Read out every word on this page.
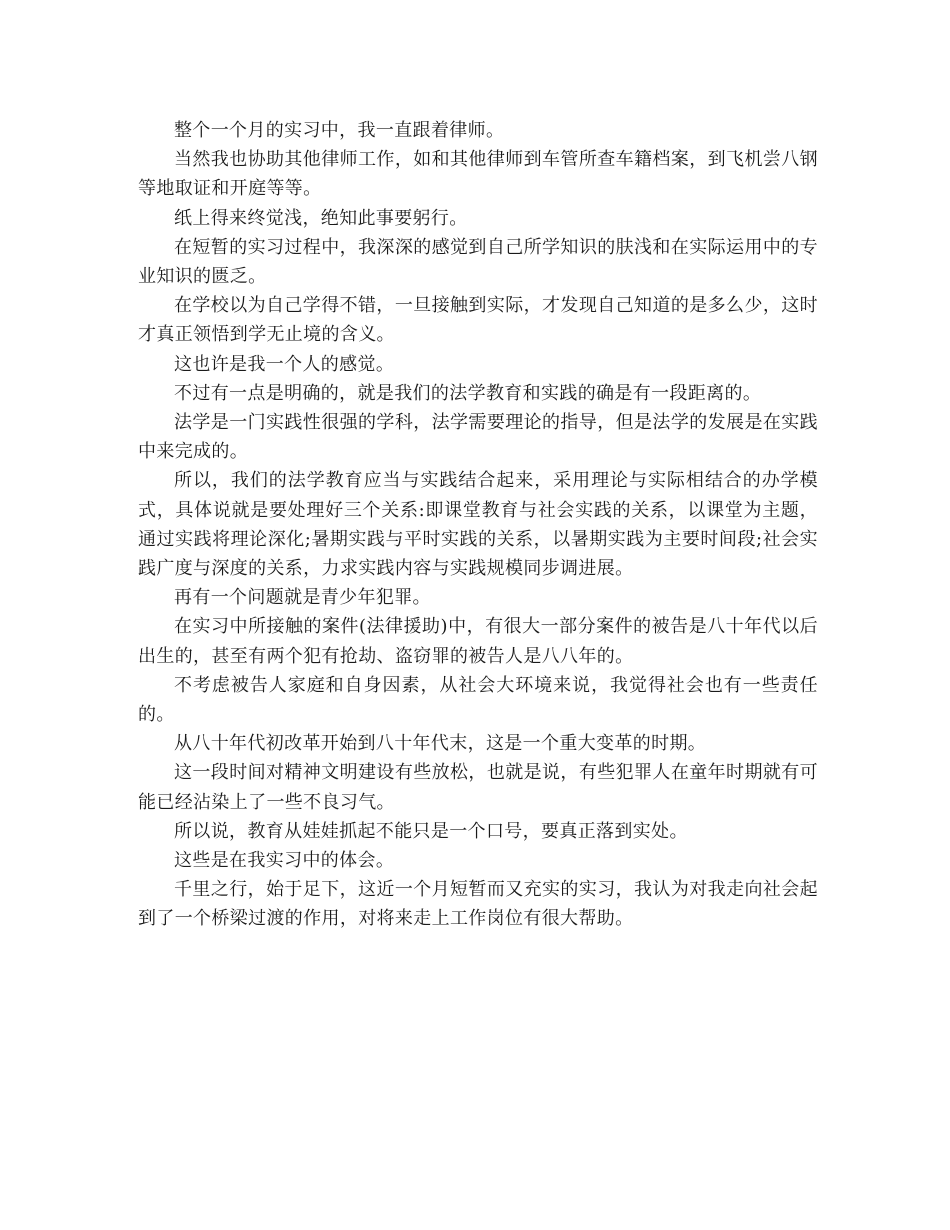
整个一个月的实习中，我一直跟着律师。

当然我也协助其他律师工作，如和其他律师到车管所查车籍档案，到飞机尝八钢等地取证和开庭等等。

纸上得来终觉浅，绝知此事要躬行。

在短暂的实习过程中，我深深的感觉到自己所学知识的肤浅和在实际运用中的专业知识的匮乏。

在学校以为自己学得不错，一旦接触到实际，才发现自己知道的是多么少，这时才真正领悟到学无止境的含义。

这也许是我一个人的感觉。

不过有一点是明确的，就是我们的法学教育和实践的确是有一段距离的。

法学是一门实践性很强的学科，法学需要理论的指导，但是法学的发展是在实践中来完成的。

所以，我们的法学教育应当与实践结合起来，采用理论与实际相结合的办学模式，具体说就是要处理好三个关系:即课堂教育与社会实践的关系，以课堂为主题，通过实践将理论深化;暑期实践与平时实践的关系，以暑期实践为主要时间段;社会实践广度与深度的关系，力求实践内容与实践规模同步调进展。

再有一个问题就是青少年犯罪。

在实习中所接触的案件(法律援助)中，有很大一部分案件的被告是八十年代以后出生的，甚至有两个犯有抢劫、盗窃罪的被告人是八八年的。

不考虑被告人家庭和自身因素，从社会大环境来说，我觉得社会也有一些责任的。

从八十年代初改革开始到八十年代末，这是一个重大变革的时期。

这一段时间对精神文明建设有些放松，也就是说，有些犯罪人在童年时期就有可能已经沾染上了一些不良习气。

所以说，教育从娃娃抓起不能只是一个口号，要真正落到实处。

这些是在我实习中的体会。

千里之行，始于足下，这近一个月短暂而又充实的实习，我认为对我走向社会起到了一个桥梁过渡的作用，对将来走上工作岗位有很大帮助。
